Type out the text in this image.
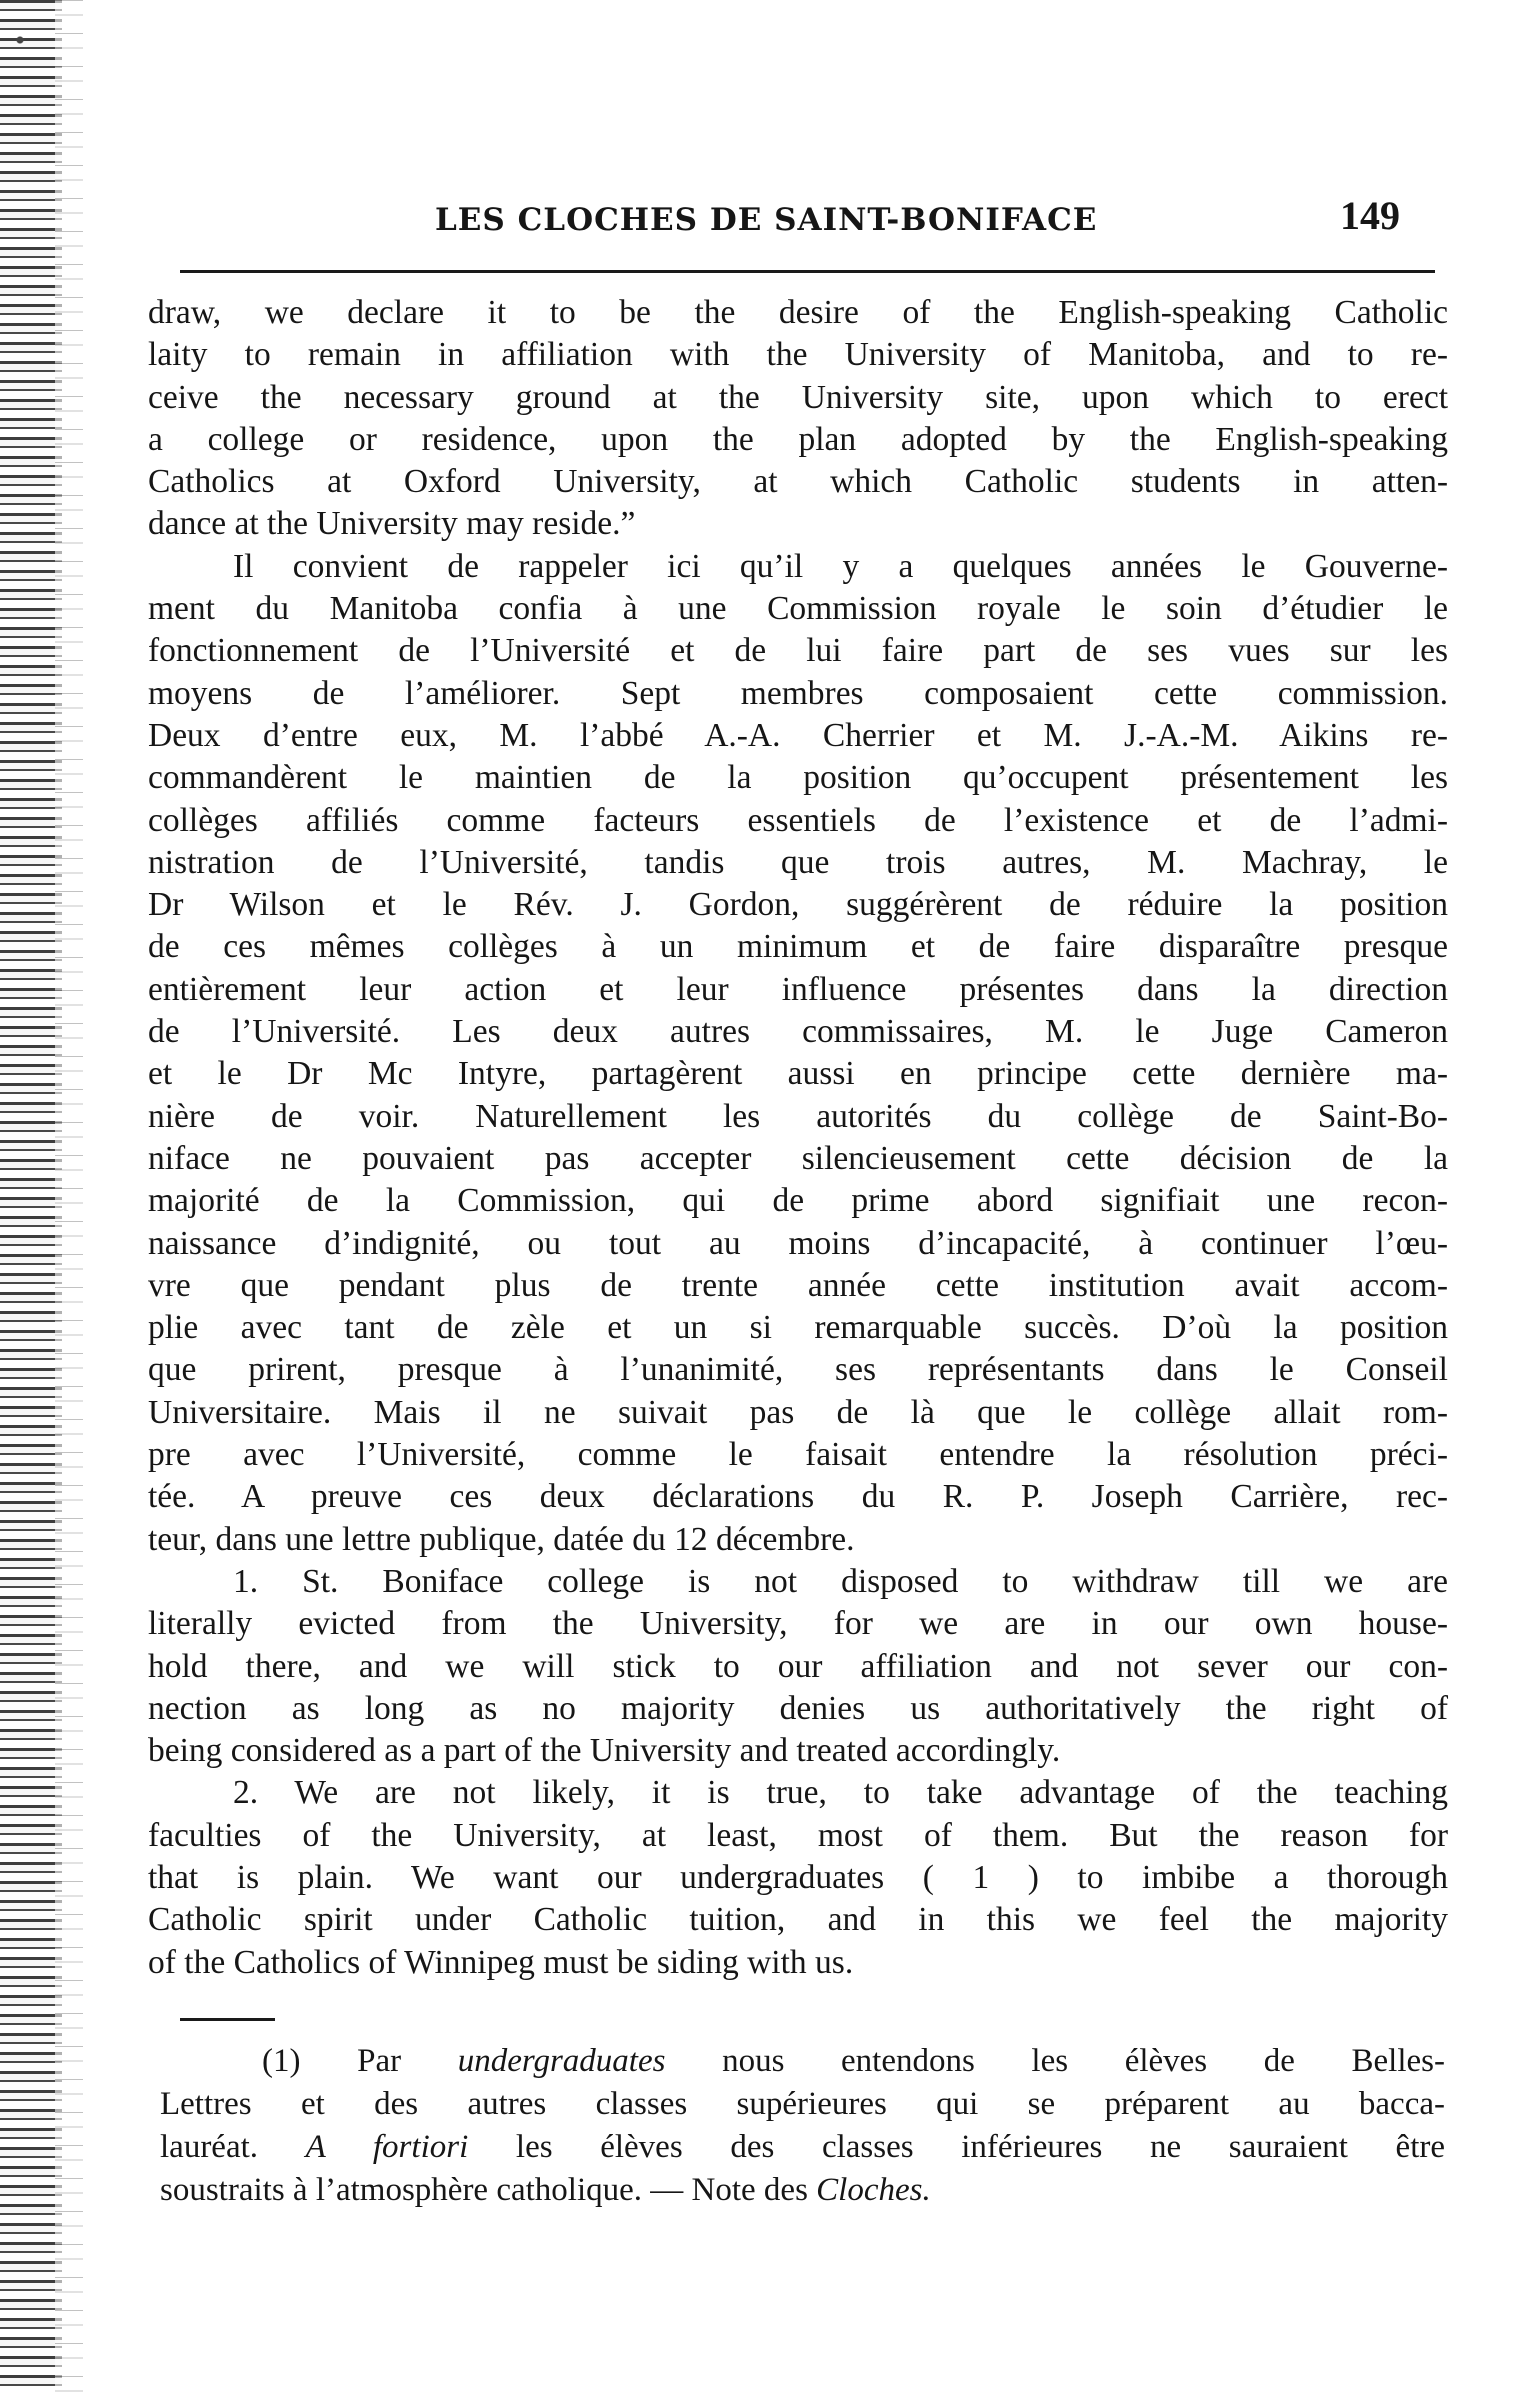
LES CLOCHES DE SAINT-BONIFACE	149
draw, we declare it to be the desire of the English-speaking Catholic
laity to remain in affiliation with the University of Manitoba, and to re-
ceive the necessary ground at the University site, upon which to erect
a college or residence, upon the plan adopted by the English-speaking
Catholics at Oxford University, at which Catholic students in atten-
dance at the University may reside.”
Il convient de rappeler ici qu’il y a quelques années le Gouverne-
ment du Manitoba confia à une Commission royale le soin d’étudier le
fonctionnement de l’Université et de lui faire part de ses vues sur les
moyens de l’améliorer. Sept membres composaient cette commission.
Deux d’entre eux, M. l’abbé A.-A. Cherrier et M. J.-A.-M. Aikins re-
commandèrent le maintien de la position qu’occupent présentement les
collèges affiliés comme facteurs essentiels de l’existence et de l’admi-
nistration de l’Université, tandis que trois autres, M. Machray, le
Dr Wilson et le Rév. J. Gordon, suggérèrent de réduire la position
de ces mêmes collèges à un minimum et de faire disparaître presque
entièrement leur action et leur influence présentes dans la direction
de l’Université. Les deux autres commissaires, M. le Juge Cameron
et le Dr Mc Intyre, partagèrent aussi en principe cette dernière ma-
nière de voir. Naturellement les autorités du collège de Saint-Bo-
niface ne pouvaient pas accepter silencieusement cette décision de la
majorité de la Commission, qui de prime abord signifiait une recon-
naissance d’indignité, ou tout au moins d’incapacité, à continuer l’œu-
vre que pendant plus de trente année cette institution avait accom-
plie avec tant de zèle et un si remarquable succès. D’où la position
que prirent, presque à l’unanimité, ses représentants dans le Conseil
Universitaire. Mais il ne suivait pas de là que le collège allait rom-
pre avec l’Université, comme le faisait entendre la résolution préci-
tée. A preuve ces deux déclarations du R. P. Joseph Carrière, rec-
teur, dans une lettre publique, datée du 12 décembre.
1. St. Boniface college is not disposed to withdraw till we are
literally evicted from the University, for we are in our own house-
hold there, and we will stick to our affiliation and not sever our con-
nection as long as no majority denies us authoritatively the right of
being considered as a part of the University and treated accordingly.
2. We are not likely, it is true, to take advantage of the teaching
faculties of the University, at least, most of them. But the reason for
that is plain. We want our undergraduates ( 1 ) to imbibe a thorough
Catholic spirit under Catholic tuition, and in this we feel the majority
of the Catholics of Winnipeg must be siding with us.
(1) Par undergraduates nous entendons les élèves de Belles-
Lettres et des autres classes supérieures qui se préparent au bacca-
lauréat. A fortiori les élèves des classes inférieures ne sauraient être
soustraits à l’atmosphère catholique. — Note des Cloches.
